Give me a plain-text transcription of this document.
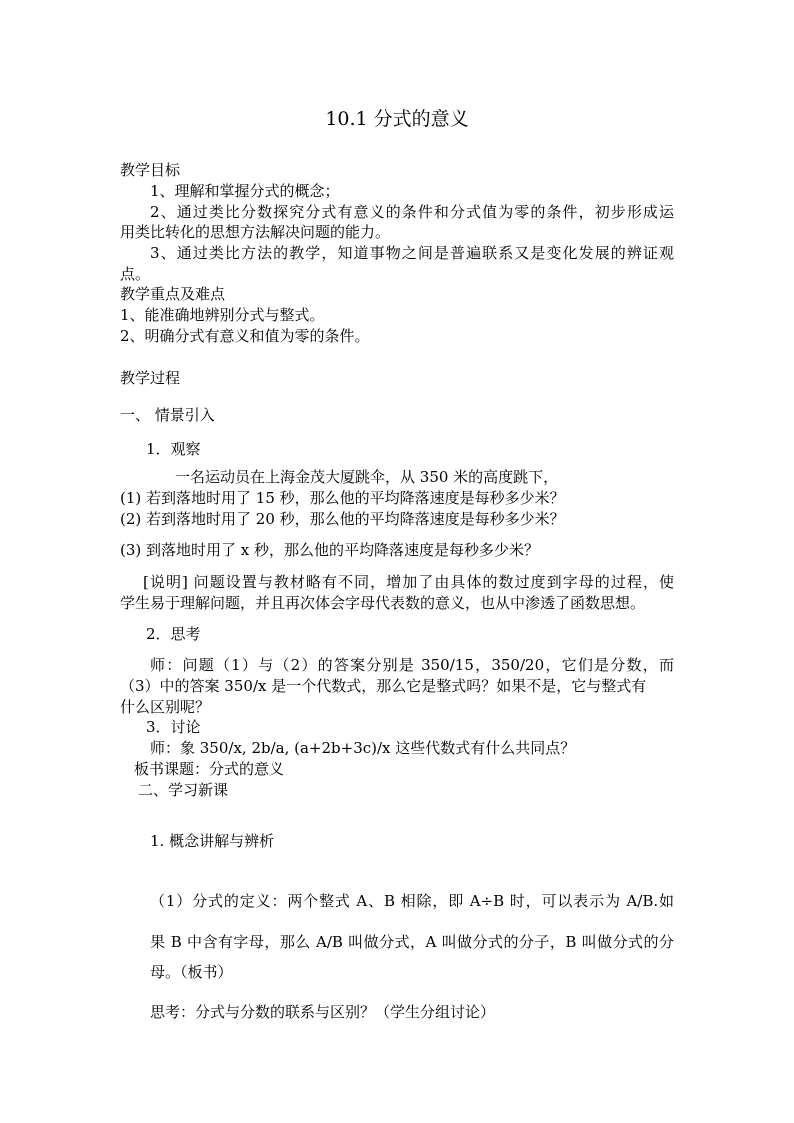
10.1 分式的意义
教学目标
1、理解和掌握分式的概念；
2、通过类比分数探究分式有意义的条件和分式值为零的条件，初步形成运
用类比转化的思想方法解决问题的能力。
3、通过类比方法的教学，知道事物之间是普遍联系又是变化发展的辨证观
点。
教学重点及难点
1、能准确地辨别分式与整式。
2、明确分式有意义和值为零的条件。
教学过程
一、 情景引入
1．观察
一名运动员在上海金茂大厦跳伞，从 350 米的高度跳下，
(1) 若到落地时用了 15 秒，那么他的平均降落速度是每秒多少米？
(2) 若到落地时用了 20 秒，那么他的平均降落速度是每秒多少米？
(3) 到落地时用了 x 秒，那么他的平均降落速度是每秒多少米？
[说明] 问题设置与教材略有不同，增加了由具体的数过度到字母的过程，使
学生易于理解问题，并且再次体会字母代表数的意义，也从中渗透了函数思想。
2．思考
师：问题（1）与（2）的答案分别是 350/15，350/20，它们是分数，而
（3）中的答案 350/x 是一个代数式，那么它是整式吗？如果不是，它与整式有
什么区别呢？
3．讨论
师：象 350/x, 2b/a, (a+2b+3c)/x 这些代数式有什么共同点？
板书课题：分式的意义
二、学习新课
1. 概念讲解与辨析
（1）分式的定义：两个整式 A、B 相除，即 A÷B 时，可以表示为 A/B.如
果 B 中含有字母，那么 A/B 叫做分式，A 叫做分式的分子，B 叫做分式的分
母。（板书）
思考：分式与分数的联系与区别？（学生分组讨论）
